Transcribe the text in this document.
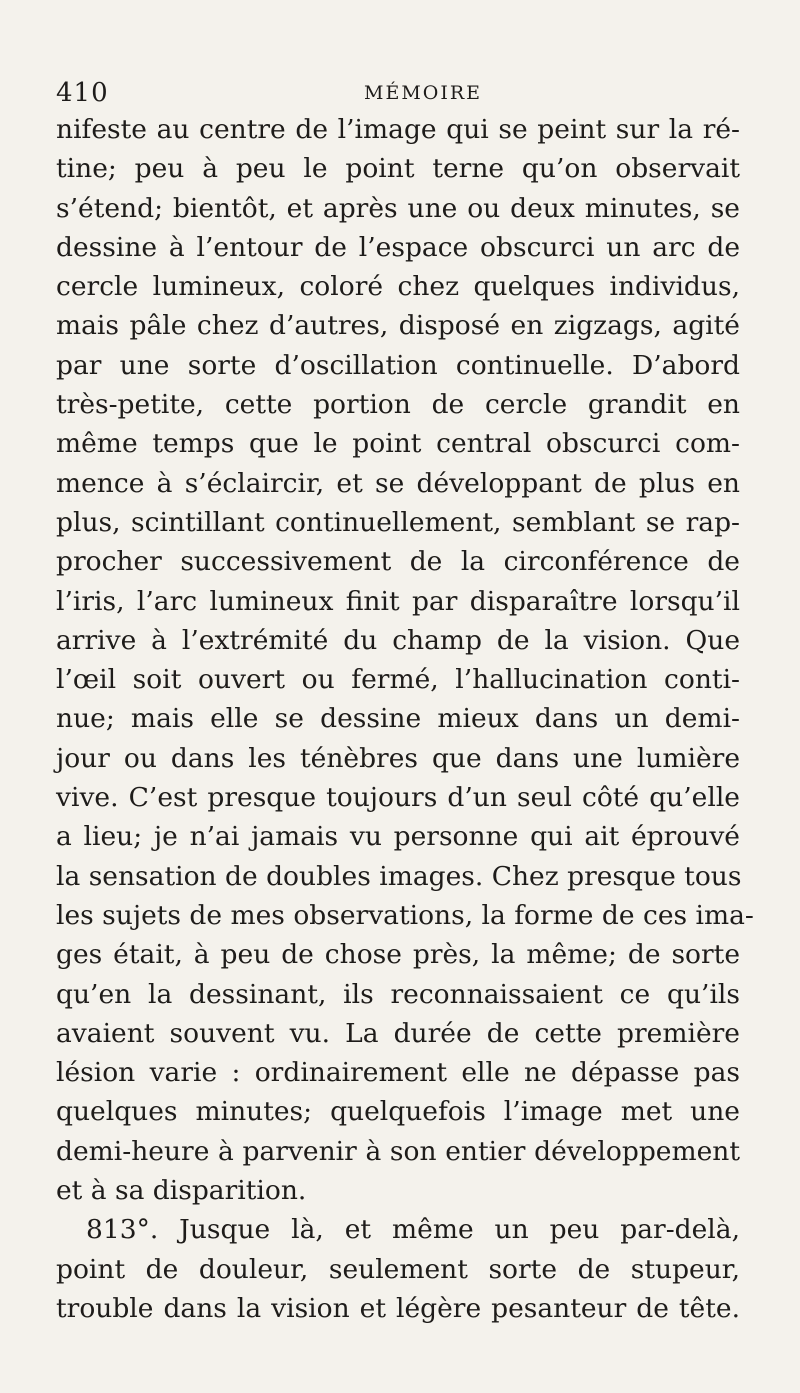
410	MÉMOIRE
nifeste au centre de l’image qui se peint sur la ré-
tine; peu à peu le point terne qu’on observait
s’étend; bientôt, et après une ou deux minutes, se
dessine à l’entour de l’espace obscurci un arc de
cercle lumineux, coloré chez quelques individus,
mais pâle chez d’autres, disposé en zigzags, agité
par une sorte d’oscillation continuelle. D’abord
très-petite, cette portion de cercle grandit en
même temps que le point central obscurci com-
mence à s’éclaircir, et se développant de plus en
plus, scintillant continuellement, semblant se rap-
procher successivement de la circonférence de
l’iris, l’arc lumineux finit par disparaître lorsqu’il
arrive à l’extrémité du champ de la vision. Que
l’œil soit ouvert ou fermé, l’hallucination conti-
nue; mais elle se dessine mieux dans un demi-
jour ou dans les ténèbres que dans une lumière
vive. C’est presque toujours d’un seul côté qu’elle
a lieu; je n’ai jamais vu personne qui ait éprouvé
la sensation de doubles images. Chez presque tous
les sujets de mes observations, la forme de ces ima-
ges était, à peu de chose près, la même; de sorte
qu’en la dessinant, ils reconnaissaient ce qu’ils
avaient souvent vu. La durée de cette première
lésion varie : ordinairement elle ne dépasse pas
quelques minutes; quelquefois l’image met une
demi-heure à parvenir à son entier développement
et à sa disparition.
813°. Jusque là, et même un peu par-delà,
point de douleur, seulement sorte de stupeur,
trouble dans la vision et légère pesanteur de tête.
